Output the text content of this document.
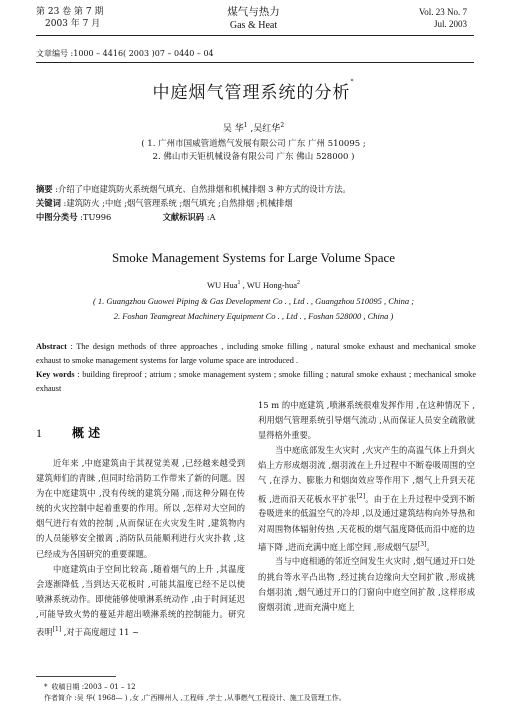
第 23 卷 第 7 期
2003 年 7 月
煤气与热力
Gas & Heat
Vol. 23 No. 7
Jul. 2003
文章编号 :1000 – 4416( 2003 )07 – 0440 – 04
中庭烟气管理系统的分析*
吴 华$^1$ ,吴红华$^2$
( 1. 广州市国威管道燃气发展有限公司 广东 广州 510095 ;
2. 佛山市天钜机械设备有限公司 广东 佛山 528000 )
摘要 :介绍了中庭建筑防火系统烟气填充、自然排烟和机械排烟 3 种方式的设计方法。
关键词 :建筑防火 ;中庭 ;烟气管理系统 ;烟气填充 ;自然排烟 ;机械排烟
中图分类号 :TU996	文献标识码 :A
Smoke Management Systems for Large Volume Space
WU Hua$^1$ , WU Hong-hua$^2$
( 1. Guangzhou Guowei Piping & Gas Development Co . , Ltd . , Guangzhou 510095 , China ;
2. Foshan Teamgreat Machinery Equipment Co . , Ltd . , Foshan 528000 , China )
Abstract : The design methods of three approaches , including smoke filling , natural smoke exhaust and mechanical smoke exhaust to smoke management systems for large volume space are introduced .
Key words : building fireproof ; atrium ; smoke management system ; smoke filling ; natural smoke exhaust ; mechanical smoke exhaust
1	概 述

近年来 ,中庭建筑由于其视觉美观 ,已经越来越受到建筑师们的青睐 ,但同时给消防工作带来了新的问题。因为在中庭建筑中 ,没有传统的建筑分隔 ,而这种分隔在传统的火灾控制中起着重要的作用。所以 ,怎样对大空间的烟气进行有效的控制 ,从而保证在火灾发生时 ,建筑物内的人员能够安全撤离 ,消防队员能顺利进行火灾扑救 ,这已经成为各国研究的重要课题。

中庭建筑由于空间比较高 ,随着烟气的上升 ,其温度会逐渐降低 ,当到达天花板时 ,可能其温度已经不足以使喷淋系统动作。即使能够使喷淋系统动作 ,由于时间延迟 ,可能导致火势的蔓延并超出喷淋系统的控制能力。研究表明[1] ,对于高度超过 11 ~

15 m 的中庭建筑 ,喷淋系统很难发挥作用 ,在这种情况下 ,利用烟气管理系统引导烟气流动 ,从而保证人员安全疏散就显得格外重要。

当中庭底部发生火灾时 ,火灾产生的高温气体上升到火焰上方形成烟羽流 ,烟羽流在上升过程中不断卷吸周围的空气 ,在浮力、膨胀力和烟囱效应等作用下 ,烟气上升到天花板 ,进而沿天花板水平扩张[2]。由于在上升过程中受到不断卷吸进来的低温空气的冷却 ,以及通过建筑结构向外导热和对周围物体辐射传热 ,天花板的烟气温度降低而沿中庭的边墙下降 ,进而充满中庭上部空间 ,形成烟气层[3]。

当与中庭相通的邻近空间发生火灾时 ,烟气通过开口处的挑台等水平凸出物 ,经过挑台边缘向大空间扩散 ,形成挑台烟羽流 ,烟气通过开口的门窗向中庭空间扩散 ,这样形成窗烟羽流 ,进而充满中庭上

* 收稿日期 :2003 – 01 – 12
作者简介 :吴 华( 1968— ) ,女 ,广西柳州人 ,工程师 ,学士 ,从事燃气工程设计、施工及管理工作。
